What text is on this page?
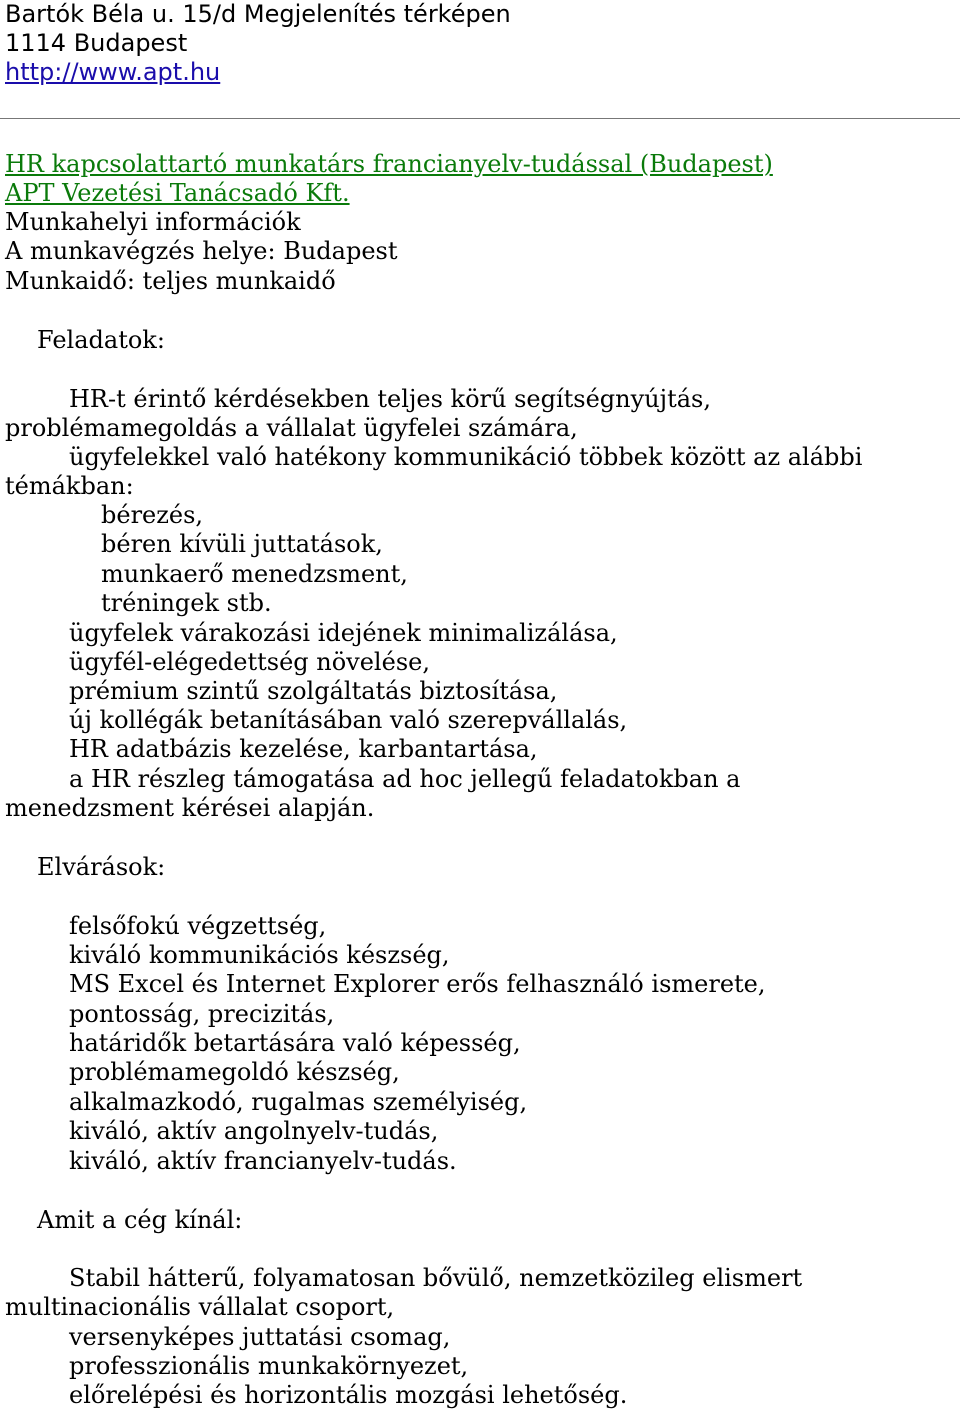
Bartók Béla u. 15/d Megjelenítés térképen
1114 Budapest
http://www.apt.hu
HR kapcsolattartó munkatárs francianyelv-tudással (Budapest)
APT Vezetési Tanácsadó Kft.
Munkahelyi információk
A munkavégzés helye: Budapest
Munkaidő: teljes munkaidő
Feladatok:
HR-t érintő kérdésekben teljes körű segítségnyújtás,
problémamegoldás a vállalat ügyfelei számára,
ügyfelekkel való hatékony kommunikáció többek között az alábbi
témákban:
bérezés,
béren kívüli juttatások,
munkaerő menedzsment,
tréningek stb.
ügyfelek várakozási idejének minimalizálása,
ügyfél-elégedettség növelése,
prémium szintű szolgáltatás biztosítása,
új kollégák betanításában való szerepvállalás,
HR adatbázis kezelése, karbantartása,
a HR részleg támogatása ad hoc jellegű feladatokban a
menedzsment kérései alapján.
Elvárások:
felsőfokú végzettség,
kiváló kommunikációs készség,
MS Excel és Internet Explorer erős felhasználó ismerete,
pontosság, precizitás,
határidők betartására való képesség,
problémamegoldó készség,
alkalmazkodó, rugalmas személyiség,
kiváló, aktív angolnyelv-tudás,
kiváló, aktív francianyelv-tudás.
Amit a cég kínál:
Stabil hátterű, folyamatosan bővülő, nemzetközileg elismert
multinacionális vállalat csoport,
versenyképes juttatási csomag,
professzionális munkakörnyezet,
előrelépési és horizontális mozgási lehetőség.
